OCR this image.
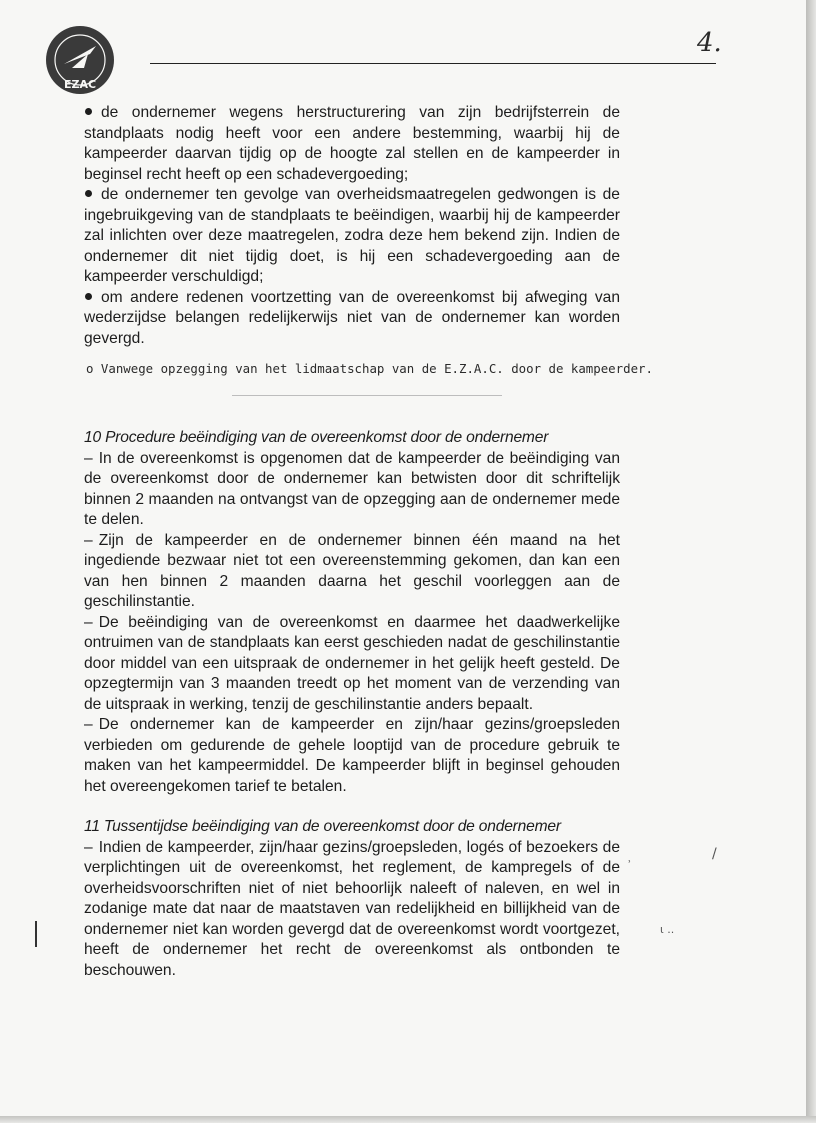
EZAC
4.

de ondernemer wegens herstructurering van zijn bedrijfsterrein de standplaats nodig heeft voor een andere bestemming, waarbij hij de kampeerder daarvan tijdig op de hoogte zal stellen en de kampeerder in beginsel recht heeft op een schadevergoeding;

de ondernemer ten gevolge van overheidsmaatregelen gedwongen is de ingebruikgeving van de standplaats te beëindigen, waarbij hij de kampeerder zal inlichten over deze maatregelen, zodra deze hem bekend zijn. Indien de ondernemer dit niet tijdig doet, is hij een schadevergoeding aan de kampeerder verschuldigd;

om andere redenen voortzetting van de overeenkomst bij afweging van wederzijdse belangen redelijkerwijs niet van de ondernemer kan worden gevergd.

10 Procedure beëindiging van de overeenkomst door de ondernemer

– In de overeenkomst is opgenomen dat de kampeerder de beëindiging van de overeenkomst door de ondernemer kan betwisten door dit schriftelijk binnen 2 maanden na ontvangst van de opzegging aan de ondernemer mede te delen.

– Zijn de kampeerder en de ondernemer binnen één maand na het ingediende bezwaar niet tot een overeenstemming gekomen, dan kan een van hen binnen 2 maanden daarna het geschil voorleggen aan de geschilinstantie.

– De beëindiging van de overeenkomst en daarmee het daadwerkelijke ontruimen van de standplaats kan eerst geschieden nadat de geschilinstantie door middel van een uitspraak de ondernemer in het gelijk heeft gesteld. De opzegtermijn van 3 maanden treedt op het moment van de verzending van de uitspraak in werking, tenzij de geschilinstantie anders bepaalt.

– De ondernemer kan de kampeerder en zijn/haar gezins/groepsleden verbieden om gedurende de gehele looptijd van de procedure gebruik te maken van het kampeermiddel. De kampeerder blijft in beginsel gehouden het overeengekomen tarief te betalen.

11 Tussentijdse beëindiging van de overeenkomst door de ondernemer

– Indien de kampeerder, zijn/haar gezins/groepsleden, logés of bezoekers de verplichtingen uit de overeenkomst, het reglement, de kampregels of de overheidsvoorschriften niet of niet behoorlijk naleeft of naleven, en wel in zodanige mate dat naar de maatstaven van redelijkheid en billijkheid van de ondernemer niet kan worden gevergd dat de overeenkomst wordt voortgezet, heeft de ondernemer het recht de overeenkomst als ontbonden te beschouwen.

o Vanwege opzegging van het lidmaatschap van de E.Z.A.C. door de kampeerder.

ʾ
ι ..
/
